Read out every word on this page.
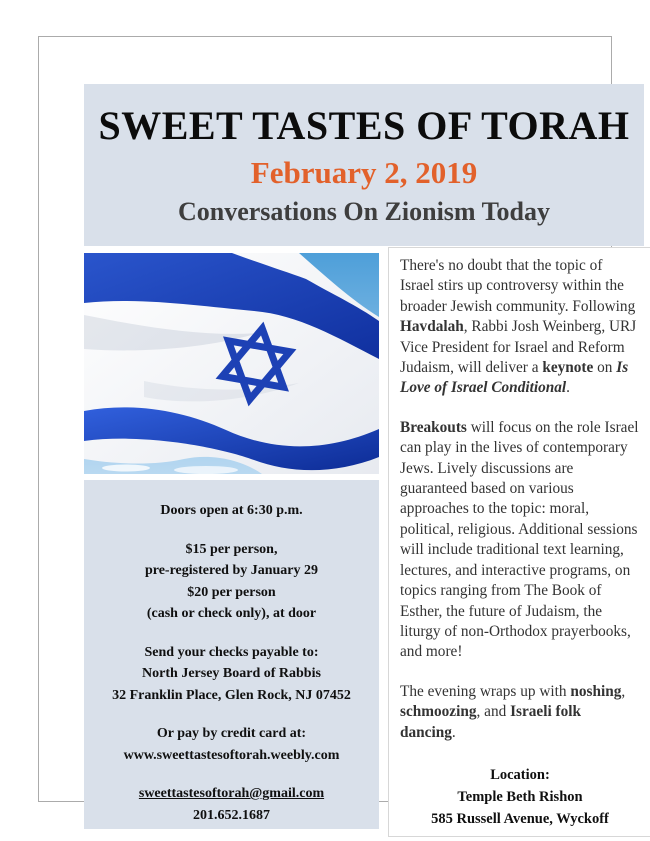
SWEET TASTES OF TORAH
February 2, 2019
Conversations On Zionism Today
Doors open at 6:30 p.m.
$15 per person,
pre-registered by January 29
$20 per person
(cash or check only), at door
Send your checks payable to:
North Jersey Board of Rabbis
32 Franklin Place, Glen Rock, NJ 07452
Or pay by credit card at:
www.sweettastesoftorah.weebly.com
sweettastesoftorah@gmail.com
201.652.1687

There's no doubt that the topic of Israel stirs up controversy within the broader Jewish community. Following Havdalah, Rabbi Josh Weinberg, URJ Vice President for Israel and Reform Judaism, will deliver a keynote on Is Love of Israel Conditional.

Breakouts will focus on the role Israel can play in the lives of contemporary Jews. Lively discussions are guaranteed based on various approaches to the topic: moral, political, religious. Additional sessions will include traditional text learning, lectures, and interactive programs, on topics ranging from The Book of Esther, the future of Judaism, the liturgy of non-Orthodox prayerbooks, and more!

The evening wraps up with noshing, schmoozing, and Israeli folk dancing.

Location:
Temple Beth Rishon
585 Russell Avenue, Wyckoff
